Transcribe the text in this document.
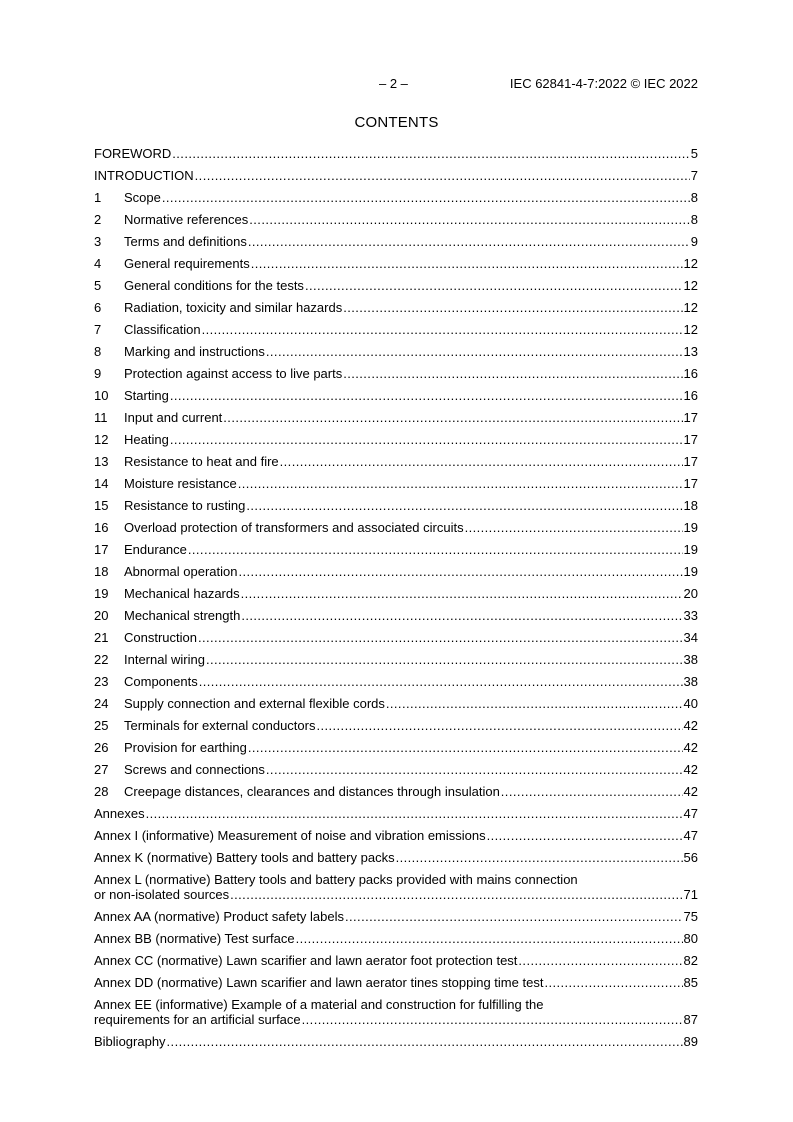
– 2 –	IEC 62841-4-7:2022 © IEC 2022
CONTENTS
FOREWORD .....	5
INTRODUCTION .....	7
1	Scope .....	8
2	Normative references .....	8
3	Terms and definitions .....	9
4	General requirements .....	12
5	General conditions for the tests .....	12
6	Radiation, toxicity and similar hazards .....	12
7	Classification .....	12
8	Marking and instructions .....	13
9	Protection against access to live parts .....	16
10	Starting .....	16
11	Input and current .....	17
12	Heating .....	17
13	Resistance to heat and fire .....	17
14	Moisture resistance .....	17
15	Resistance to rusting .....	18
16	Overload protection of transformers and associated circuits .....	19
17	Endurance .....	19
18	Abnormal operation .....	19
19	Mechanical hazards .....	20
20	Mechanical strength .....	33
21	Construction .....	34
22	Internal wiring .....	38
23	Components .....	38
24	Supply connection and external flexible cords .....	40
25	Terminals for external conductors .....	42
26	Provision for earthing .....	42
27	Screws and connections .....	42
28	Creepage distances, clearances and distances through insulation .....	42
Annexes .....	47
Annex I (informative) Measurement of noise and vibration emissions .....	47
Annex K (normative) Battery tools and battery packs .....	56
Annex L (normative) Battery tools and battery packs provided with mains connection
or non-isolated sources .....	71
Annex AA (normative) Product safety labels .....	75
Annex BB (normative) Test surface .....	80
Annex CC (normative) Lawn scarifier and lawn aerator foot protection test .....	82
Annex DD (normative) Lawn scarifier and lawn aerator tines stopping time test .....	85
Annex EE (informative) Example of a material and construction for fulfilling the
requirements for an artificial surface .....	87
Bibliography .....	89
